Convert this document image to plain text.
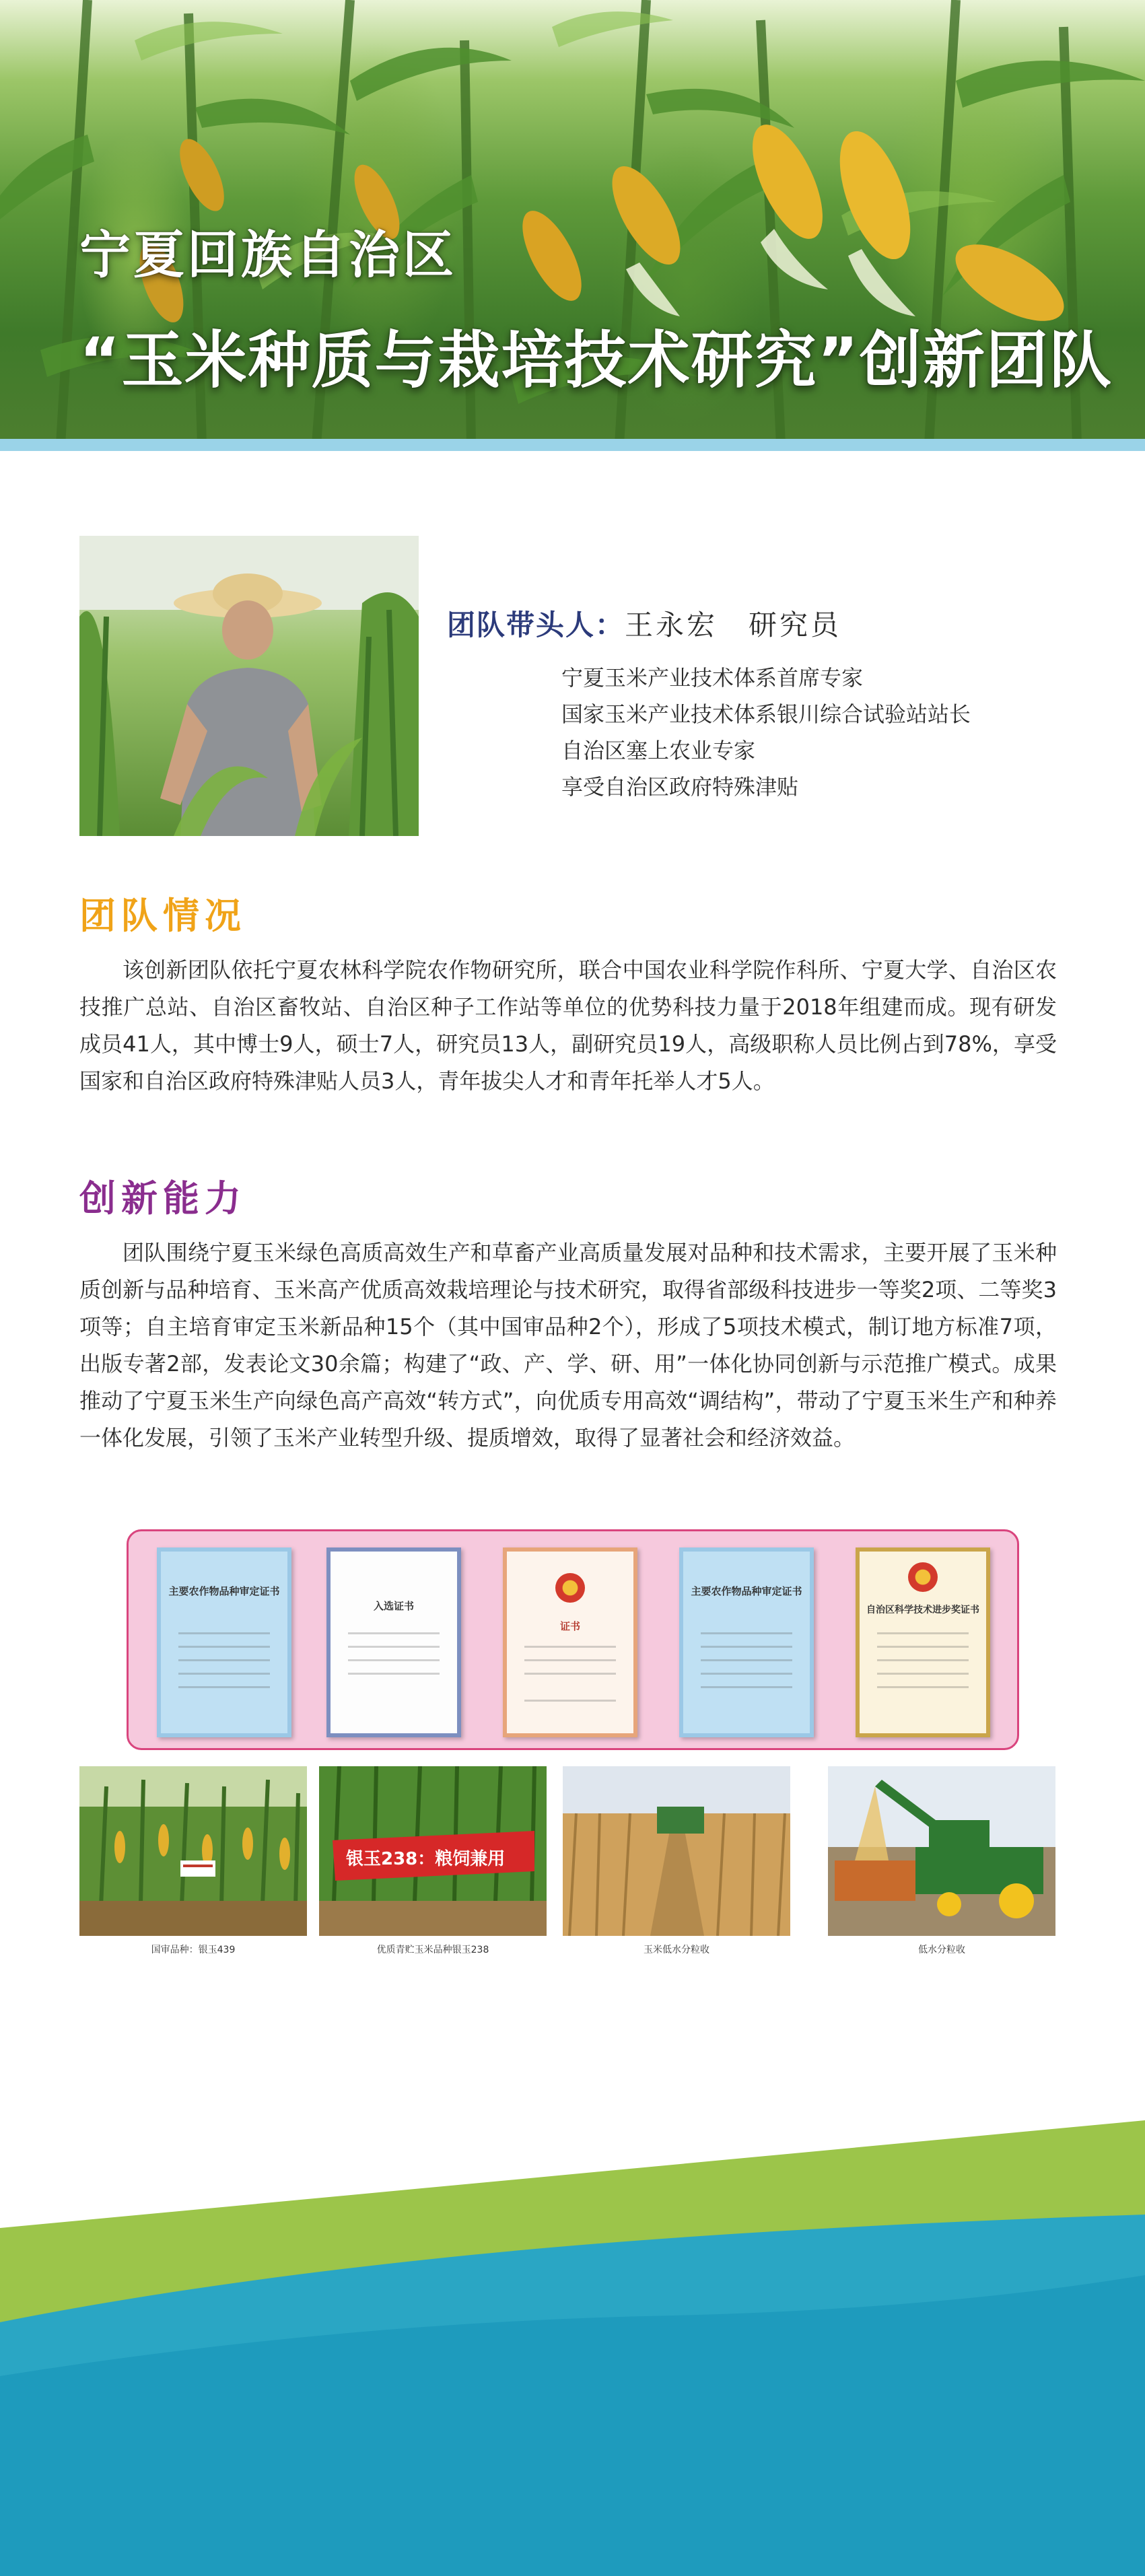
宁夏回族自治区
“玉米种质与栽培技术研究”创新团队
团队带头人：王永宏　研究员
宁夏玉米产业技术体系首席专家
国家玉米产业技术体系银川综合试验站站长
自治区塞上农业专家
享受自治区政府特殊津贴
团队情况
该创新团队依托宁夏农林科学院农作物研究所，联合中国农业科学院作科所、宁夏大学、自治区农技推广总站、自治区畜牧站、自治区种子工作站等单位的优势科技力量于2018年组建而成。现有研发成员41人，其中博士9人，硕士7人，研究员13人，副研究员19人，高级职称人员比例占到78%，享受国家和自治区政府特殊津贴人员3人，青年拔尖人才和青年托举人才5人。
创新能力
团队围绕宁夏玉米绿色高质高效生产和草畜产业高质量发展对品种和技术需求，主要开展了玉米种质创新与品种培育、玉米高产优质高效栽培理论与技术研究，取得省部级科技进步一等奖2项、二等奖3项等；自主培育审定玉米新品种15个（其中国审品种2个），形成了5项技术模式，制订地方标准7项，出版专著2部，发表论文30余篇；构建了“政、产、学、研、用”一体化协同创新与示范推广模式。成果推动了宁夏玉米生产向绿色高产高效“转方式”，向优质专用高效“调结构”，带动了宁夏玉米生产和种养一体化发展，引领了玉米产业转型升级、提质增效，取得了显著社会和经济效益。
主要农作物品种审定证书
入选证书
证书
主要农作物品种审定证书
自治区科学技术进步奖证书
银玉238：粮饲兼用
国审品种：银玉439	优质青贮玉米品种银玉238	玉米低水分粒收	低水分粒收
